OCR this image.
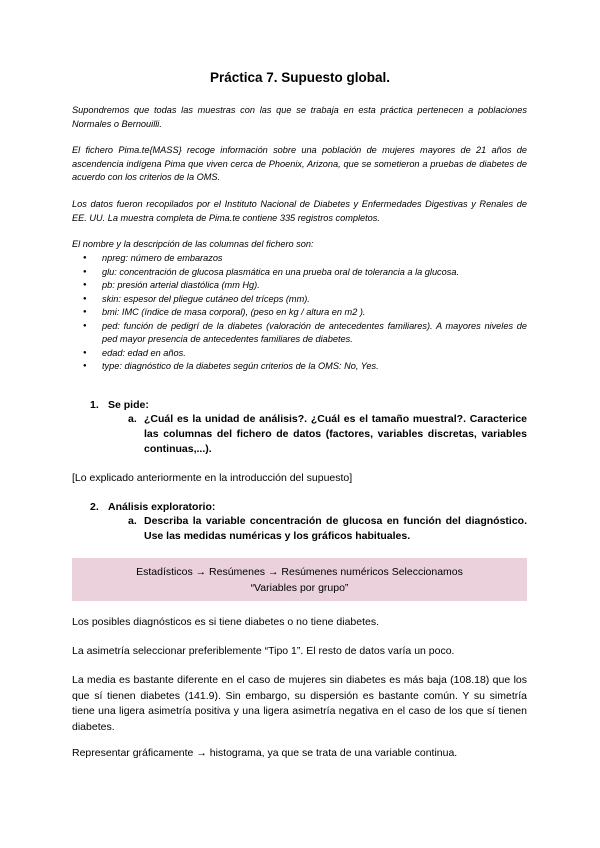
Práctica 7. Supuesto global.
Supondremos que todas las muestras con las que se trabaja en esta práctica pertenecen a poblaciones Normales o Bernouilli.
El fichero Pima.te{MASS} recoge información sobre una población de mujeres mayores de 21 años de ascendencia indígena Pima que viven cerca de Phoenix, Arizona, que se sometieron a pruebas de diabetes de acuerdo con los criterios de la OMS.
Los datos fueron recopilados por el Instituto Nacional de Diabetes y Enfermedades Digestivas y Renales de EE. UU. La muestra completa de Pima.te contiene 335 registros completos.
El nombre y la descripción de las columnas del fichero son:
● npreg: número de embarazos
● glu: concentración de glucosa plasmática en una prueba oral de tolerancia a la glucosa.
● pb: presión arterial diastólica (mm Hg).
● skin: espesor del pliegue cutáneo del tríceps (mm).
● bmi: IMC (índice de masa corporal), (peso en kg / altura en m2 ).
● ped: función de pedigrí de la diabetes (valoración de antecedentes familiares). A mayores niveles de ped mayor presencia de antecedentes familiares de diabetes.
● edad: edad en años.
● type: diagnóstico de la diabetes según criterios de la OMS: No, Yes.
1. Se pide:
a. ¿Cuál es la unidad de análisis?. ¿Cuál es el tamaño muestral?. Caracterice las columnas del fichero de datos (factores, variables discretas, variables continuas,...).
[Lo explicado anteriormente en la introducción del supuesto]
2. Análisis exploratorio:
a. Describa la variable concentración de glucosa en función del diagnóstico. Use las medidas numéricas y los gráficos habituales.
Estadísticos → Resúmenes → Resúmenes numéricos Seleccionamos “Variables por grupo”
Los posibles diagnósticos es si tiene diabetes o no tiene diabetes.
La asimetría seleccionar preferiblemente “Tipo 1”. El resto de datos varía un poco.
La media es bastante diferente en el caso de mujeres sin diabetes es más baja (108.18) que los que sí tienen diabetes (141.9). Sin embargo, su dispersión es bastante común. Y su simetría tiene una ligera asimetría positiva y una ligera asimetría negativa en el caso de los que sí tienen diabetes.
Representar gráficamente → histograma, ya que se trata de una variable continua.
